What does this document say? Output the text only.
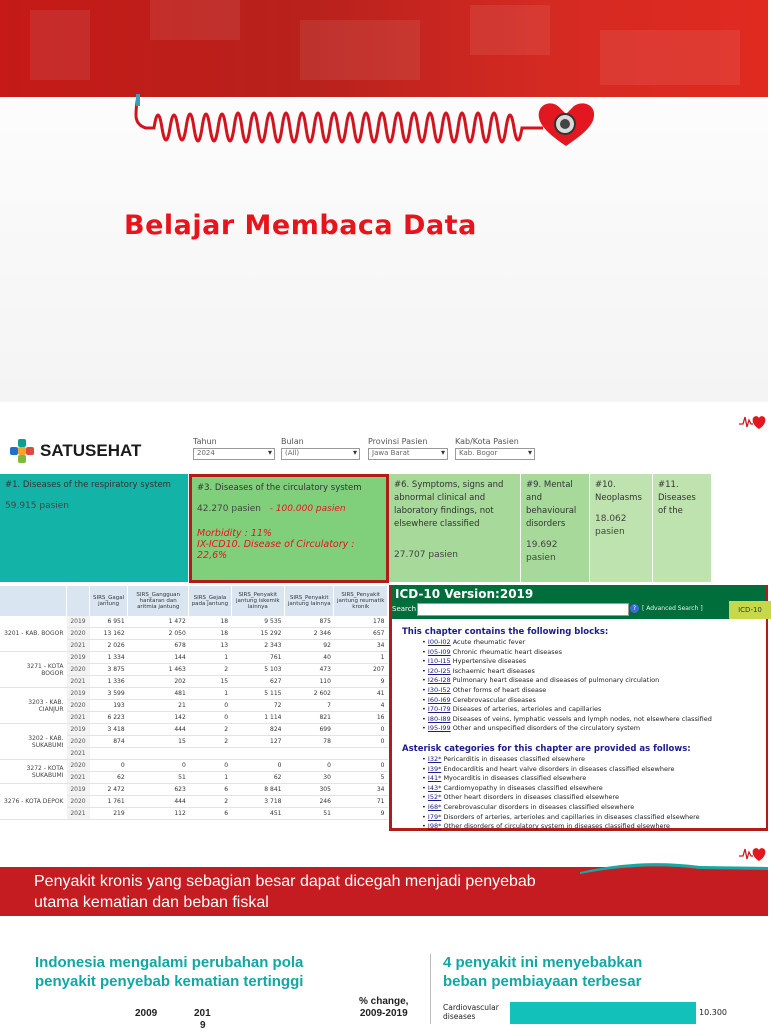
Belajar Membaca Data
SATUSEHAT	Tahun
2024 ▾
Bulan
(All) ▾
Provinsi Pasien
Jawa Barat ▾
Kab/Kota Pasien
Kab. Bogor ▾
#1. Diseases of the respiratory system
59.915 pasien
#3. Diseases of the circulatory system
42.270 pasien - 100.000 pasien
Morbidity : 11%
IX-ICD10. Disease of Circulatory : 22,6%
#6. Symptoms, signs and abnormal clinical and laboratory findings, not elsewhere classified
27.707 pasien
#9. Mental and behavioural disorders
19.692 pasien
#10. Neoplasms
18.062 pasien
#11. Diseases of the
		SIRS_Gagal jantung	SIRS_Gangguan hantaran dan aritmia jantung	SIRS_Gejala pada jantung	SIRS_Penyakit jantung iskemik lainnya	SIRS_Penyakit jantung lainnya	SIRS_Penyakit jantung reumatik kronik
3201 - KAB. BOGOR	2019	6 951	1 472	18	9 535	875	178
	2020	13 162	2 050	18	15 292	2 346	657
	2021	2 026	678	13	2 343	92	34
3271 - KOTA BOGOR	2019	1 334	144	1	761	40	1
	2020	3 875	1 463	2	5 103	473	207
	2021	1 336	202	15	627	110	9
3203 - KAB. CIANJUR	2019	3 599	481	1	5 115	2 602	41
	2020	193	21	0	72	7	4
	2021	6 223	142	0	1 114	821	16
3202 - KAB. SUKABUMI	2019	3 418	444	2	824	699	0
	2020	874	15	2	127	78	0
	2021						
3272 - KOTA SUKABUMI	2020	0	0	0	0	0	0
	2021	62	51	1	62	30	5
3276 - KOTA DEPOK	2019	2 472	623	6	8 841	305	34
	2020	1 761	444	2	3 718	246	71
	2021	219	112	6	451	51	9
ICD-10 Version:2019
Search	? [ Advanced Search ]	ICD-10
This chapter contains the following blocks:
• I00-I02 Acute rheumatic fever
• I05-I09 Chronic rheumatic heart diseases
• I10-I15 Hypertensive diseases
• I20-I25 Ischaemic heart diseases
• I26-I28 Pulmonary heart disease and diseases of pulmonary circulation
• I30-I52 Other forms of heart disease
• I60-I69 Cerebrovascular diseases
• I70-I79 Diseases of arteries, arterioles and capillaries
• I80-I89 Diseases of veins, lymphatic vessels and lymph nodes, not elsewhere classified
• I95-I99 Other and unspecified disorders of the circulatory system
Asterisk categories for this chapter are provided as follows:
• I32* Pericarditis in diseases classified elsewhere
• I39* Endocarditis and heart valve disorders in diseases classified elsewhere
• I41* Myocarditis in diseases classified elsewhere
• I43* Cardiomyopathy in diseases classified elsewhere
• I52* Other heart disorders in diseases classified elsewhere
• I68* Cerebrovascular disorders in diseases classified elsewhere
• I79* Disorders of arteries, arterioles and capillaries in diseases classified elsewhere
• I98* Other disorders of circulatory system in diseases classified elsewhere
Penyakit kronis yang sebagian besar dapat dicegah menjadi penyebab
utama kematian dan beban fiskal
Indonesia mengalami perubahan pola
penyakit penyebab kematian tertinggi
% change,
2009-2019
2009	201
9
4 penyakit ini menyebabkan
beban pembiayaan terbesar
Cardiovascular
diseases	10.300
